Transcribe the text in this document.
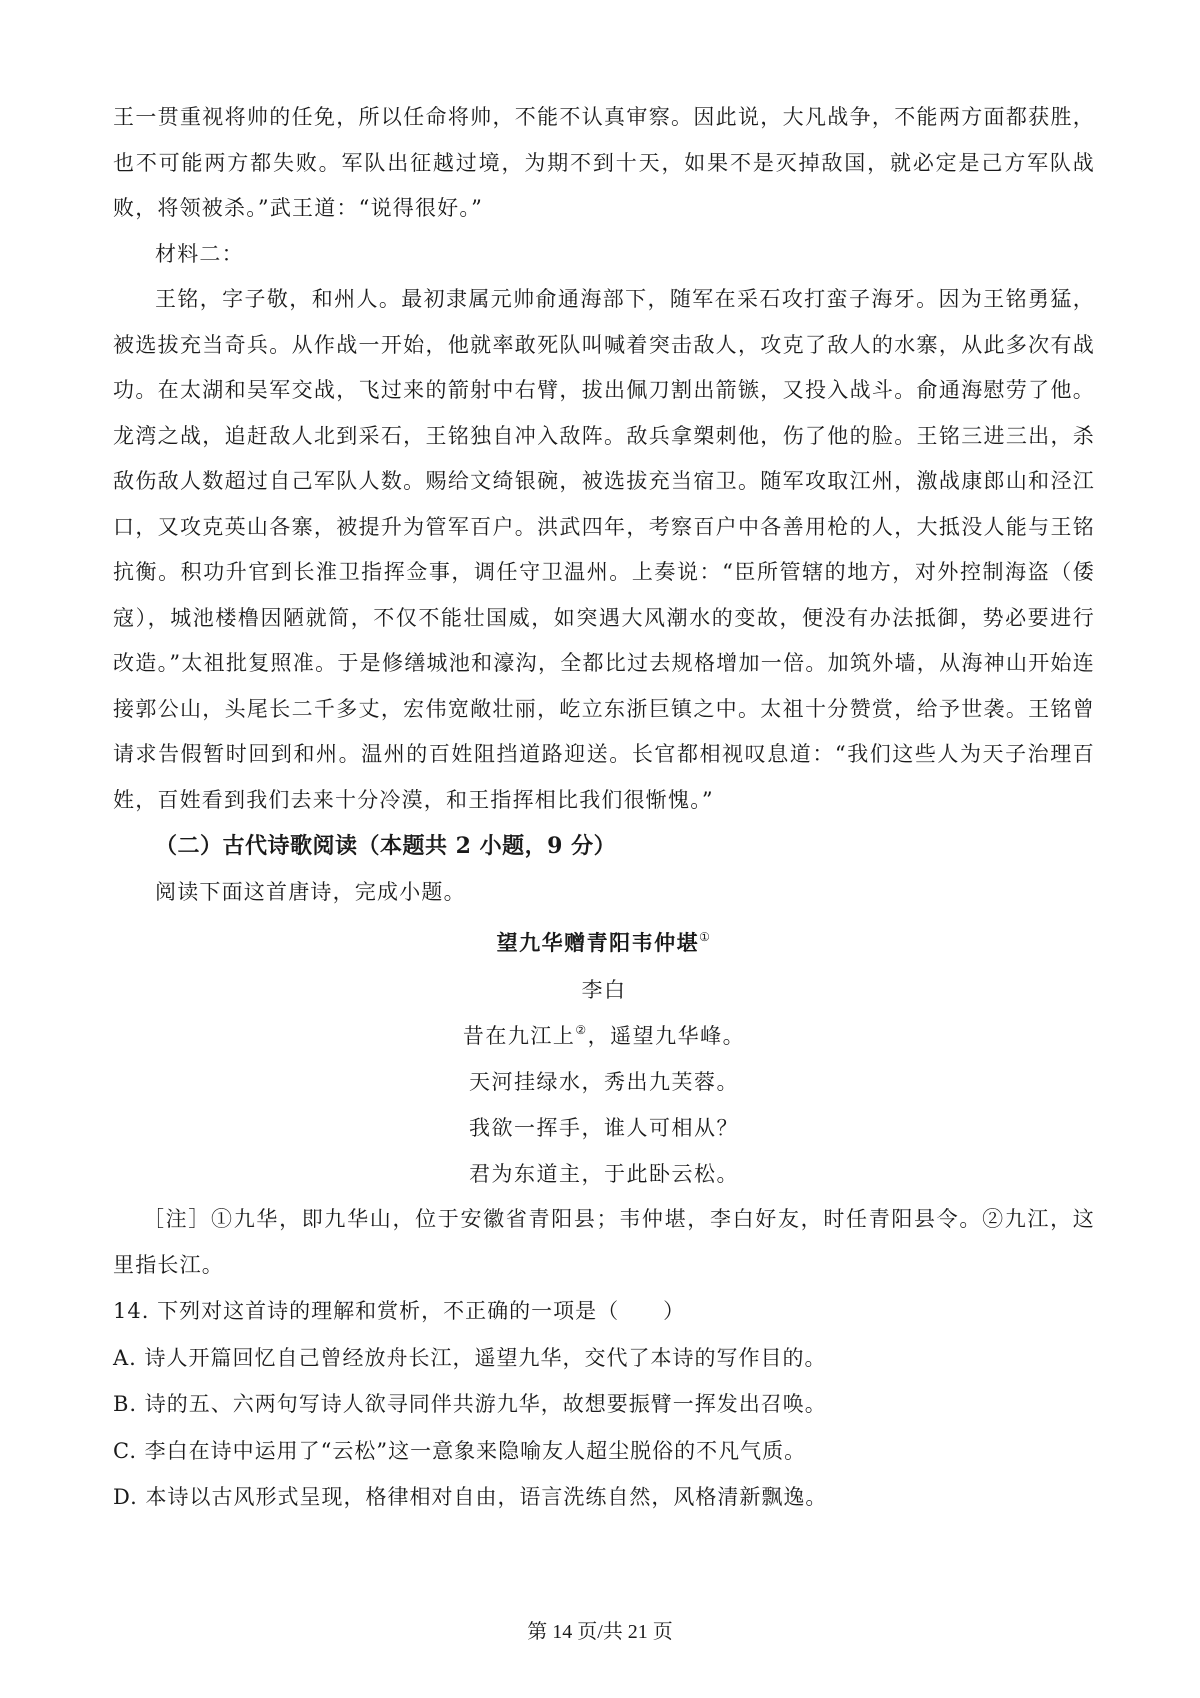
王一贯重视将帅的任免，所以任命将帅，不能不认真审察。因此说，大凡战争，不能两方面都获胜，也不可能两方都失败。军队出征越过境，为期不到十天，如果不是灭掉敌国，就必定是己方军队战败，将领被杀。”武王道：“说得很好。”

材料二：

王铭，字子敬，和州人。最初隶属元帅俞通海部下，随军在采石攻打蛮子海牙。因为王铭勇猛，被选拔充当奇兵。从作战一开始，他就率敢死队叫喊着突击敌人，攻克了敌人的水寨，从此多次有战功。在太湖和吴军交战，飞过来的箭射中右臂，拔出佩刀割出箭镞，又投入战斗。俞通海慰劳了他。龙湾之战，追赶敌人北到采石，王铭独自冲入敌阵。敌兵拿槊刺他，伤了他的脸。王铭三进三出，杀敌伤敌人数超过自己军队人数。赐给文绮银碗，被选拔充当宿卫。随军攻取江州，激战康郎山和泾江口，又攻克英山各寨，被提升为管军百户。洪武四年，考察百户中各善用枪的人，大抵没人能与王铭抗衡。积功升官到长淮卫指挥佥事，调任守卫温州。上奏说：“臣所管辖的地方，对外控制海盗（倭寇），城池楼橹因陋就简，不仅不能壮国威，如突遇大风潮水的变故，便没有办法抵御，势必要进行改造。”太祖批复照准。于是修缮城池和濠沟，全都比过去规格增加一倍。加筑外墙，从海神山开始连接郭公山，头尾长二千多丈，宏伟宽敞壮丽，屹立东浙巨镇之中。太祖十分赞赏，给予世袭。王铭曾请求告假暂时回到和州。温州的百姓阻挡道路迎送。长官都相视叹息道：“我们这些人为天子治理百姓，百姓看到我们去来十分冷漠，和王指挥相比我们很惭愧。”

（二）古代诗歌阅读（本题共 2 小题，9 分）

阅读下面这首唐诗，完成小题。

望九华赠青阳韦仲堪①

李白

昔在九江上②，遥望九华峰。

天河挂绿水，秀出九芙蓉。

我欲一挥手，谁人可相从？

君为东道主，于此卧云松。

［注］①九华，即九华山，位于安徽省青阳县；韦仲堪，李白好友，时任青阳县令。②九江，这里指长江。

14. 下列对这首诗的理解和赏析，不正确的一项是（　　）

A. 诗人开篇回忆自己曾经放舟长江，遥望九华，交代了本诗的写作目的。

B. 诗的五、六两句写诗人欲寻同伴共游九华，故想要振臂一挥发出召唤。

C. 李白在诗中运用了“云松”这一意象来隐喻友人超尘脱俗的不凡气质。

D. 本诗以古风形式呈现，格律相对自由，语言洗练自然，风格清新飘逸。

第 14 页/共 21 页
